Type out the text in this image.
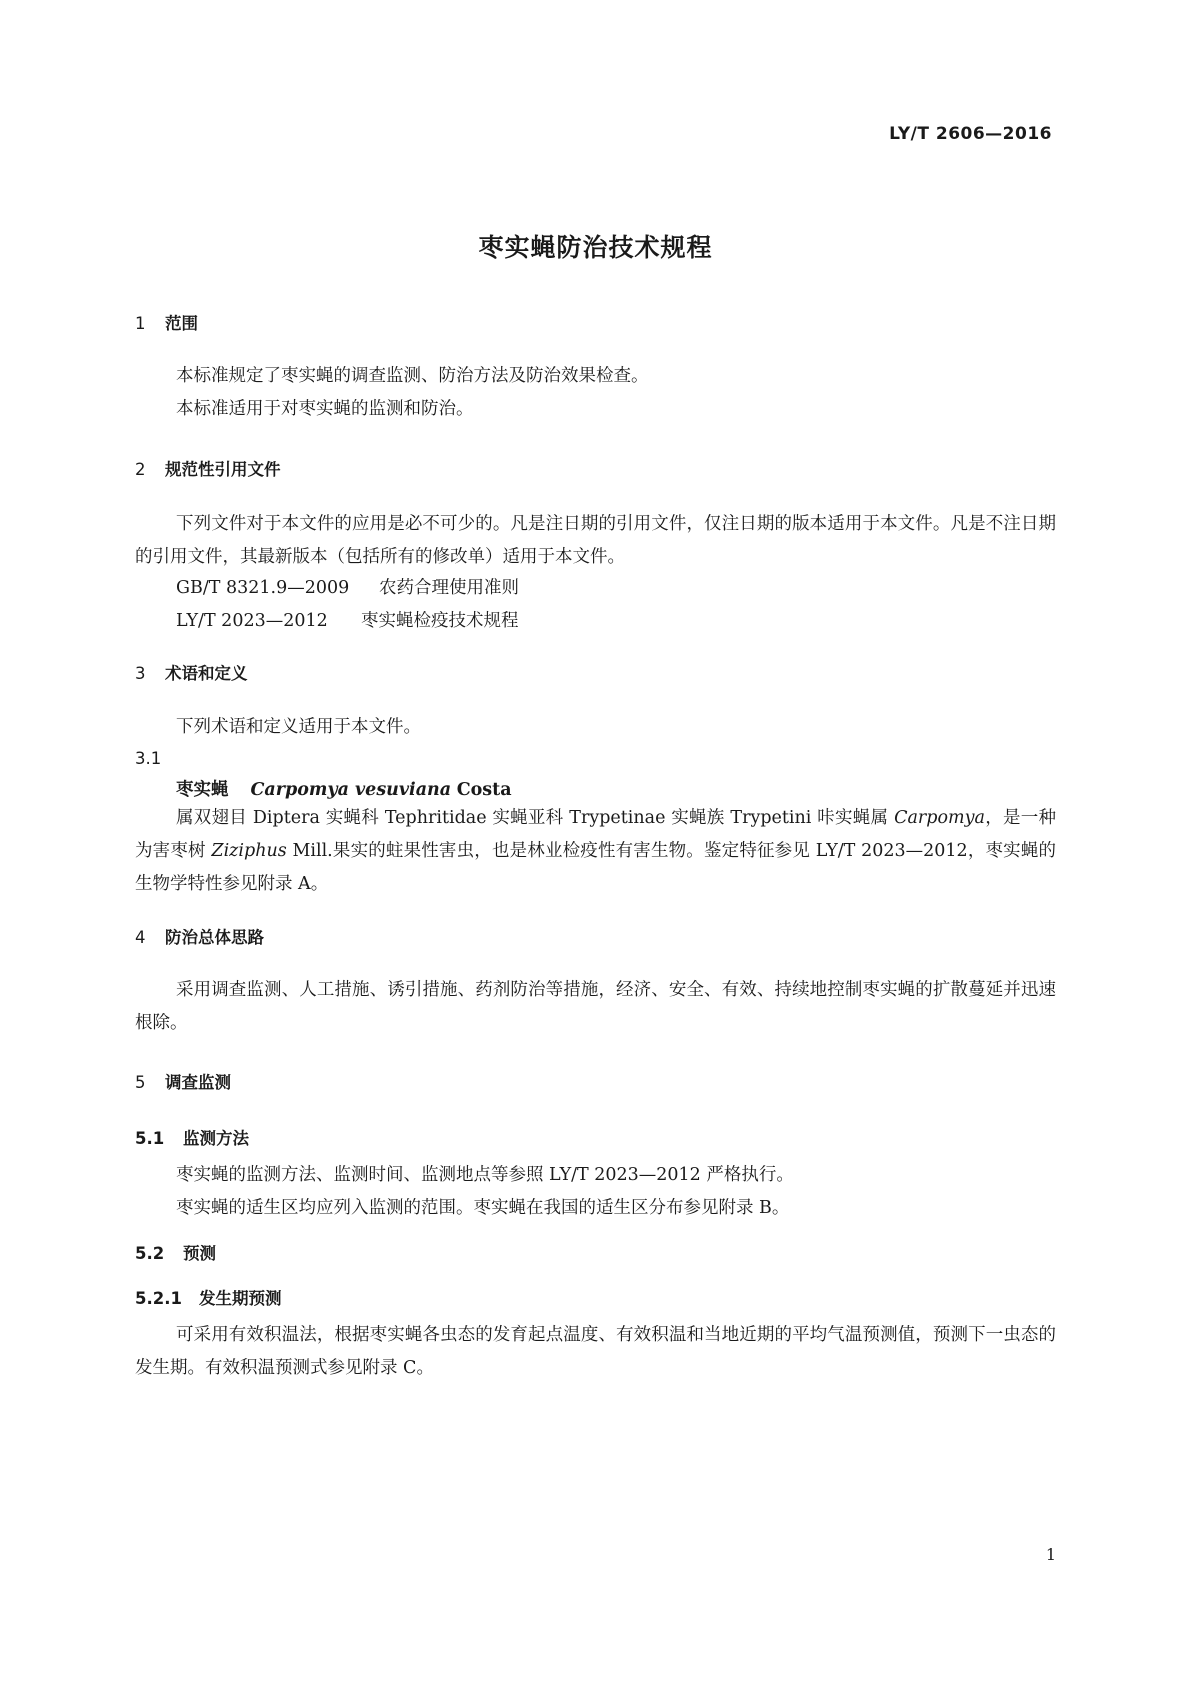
LY/T 2606—2016
枣实蝇防治技术规程
1 范围
本标准规定了枣实蝇的调查监测、防治方法及防治效果检查。
本标准适用于对枣实蝇的监测和防治。
2 规范性引用文件
下列文件对于本文件的应用是必不可少的。凡是注日期的引用文件，仅注日期的版本适用于本文件。凡是不注日期的引用文件，其最新版本（包括所有的修改单）适用于本文件。
GB/T 8321.9—2009 农药合理使用准则
LY/T 2023—2012 枣实蝇检疫技术规程
3 术语和定义
下列术语和定义适用于本文件。
3.1
枣实蝇 Carpomya vesuviana Costa
属双翅目 Diptera 实蝇科 Tephritidae 实蝇亚科 Trypetinae 实蝇族 Trypetini 咔实蝇属 Carpomya，是一种为害枣树 Ziziphus Mill.果实的蛀果性害虫，也是林业检疫性有害生物。鉴定特征参见 LY/T 2023—2012，枣实蝇的生物学特性参见附录 A。
4 防治总体思路
采用调查监测、人工措施、诱引措施、药剂防治等措施，经济、安全、有效、持续地控制枣实蝇的扩散蔓延并迅速根除。
5 调查监测
5.1 监测方法
枣实蝇的监测方法、监测时间、监测地点等参照 LY/T 2023—2012 严格执行。
枣实蝇的适生区均应列入监测的范围。枣实蝇在我国的适生区分布参见附录 B。
5.2 预测
5.2.1 发生期预测
可采用有效积温法，根据枣实蝇各虫态的发育起点温度、有效积温和当地近期的平均气温预测值，预测下一虫态的发生期。有效积温预测式参见附录 C。
1
